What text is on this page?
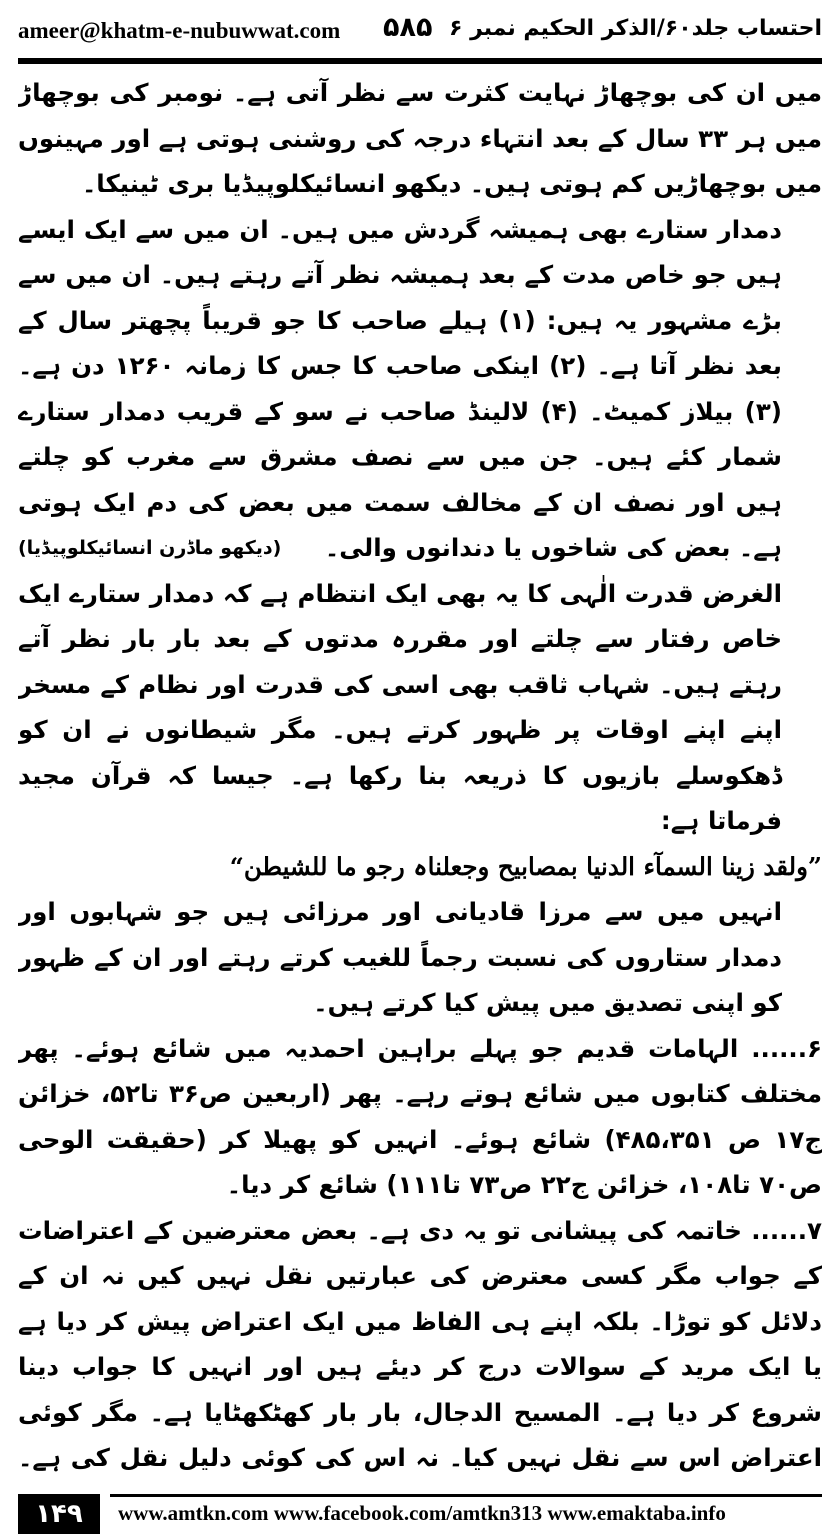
ameer@khatm-e-nubuwwat.com ۵۸۵ احتساب جلد۶۰/الذکر الحکیم نمبر ۶

میں ان کی بوچھاڑ نہایت کثرت سے نظر آتی ہے۔ نومبر کی بوچھاڑ میں ہر ۳۳ سال کے بعد انتہاء درجہ کی روشنی ہوتی ہے اور مہینوں میں بوچھاڑیں کم ہوتی ہیں۔ دیکھو انسائیکلوپیڈیا بری ٹینیکا۔

دمدار ستارے بھی ہمیشہ گردش میں ہیں۔ ان میں سے ایک ایسے ہیں جو خاص مدت کے بعد ہمیشہ نظر آتے رہتے ہیں۔ ان میں سے بڑے مشہور یہ ہیں: (۱) ہیلے صاحب کا جو قریباً پچھتر سال کے بعد نظر آتا ہے۔ (۲) اینکی صاحب کا جس کا زمانہ ۱۲۶۰ دن ہے۔ (۳) بیلاز کمیٹ۔ (۴) لالینڈ صاحب نے سو کے قریب دمدار ستارے شمار کئے ہیں۔ جن میں سے نصف مشرق سے مغرب کو چلتے ہیں اور نصف ان کے مخالف سمت میں بعض کی دم ایک ہوتی ہے۔ بعض کی شاخوں یا دندانوں والی۔

(دیکھو ماڈرن انسائیکلوپیڈیا)

الغرض قدرت الٰہی کا یہ بھی ایک انتظام ہے کہ دمدار ستارے ایک خاص رفتار سے چلتے اور مقررہ مدتوں کے بعد بار بار نظر آتے رہتے ہیں۔ شہاب ثاقب بھی اسی کی قدرت اور نظام کے مسخر اپنے اپنے اوقات پر ظہور کرتے ہیں۔ مگر شیطانوں نے ان کو ڈھکوسلے بازیوں کا ذریعہ بنا رکھا ہے۔ جیسا کہ قرآن مجید فرماتا ہے:

”ولقد زینا السمآء الدنیا بمصابیح وجعلناہ رجو ما للشیطن“

انہیں میں سے مرزا قادیانی اور مرزائی ہیں جو شہابوں اور دمدار ستاروں کی نسبت رجماً للغیب کرتے رہتے اور ان کے ظہور کو اپنی تصدیق میں پیش کیا کرتے ہیں۔

۶...... الہامات قدیم جو پہلے براہین احمدیہ میں شائع ہوئے۔ پھر مختلف کتابوں میں شائع ہوتے رہے۔ پھر (اربعین ص۳۶ تا۵۲، خزائن ج۱۷ ص ۴۸۵،۳۵۱) شائع ہوئے۔ انہیں کو پھیلا کر (حقیقت الوحی ص۷۰ تا۱۰۸، خزائن ج۲۲ ص۷۳ تا۱۱۱) شائع کر دیا۔

۷...... خاتمہ کی پیشانی تو یہ دی ہے۔ بعض معترضین کے اعتراضات کے جواب مگر کسی معترض کی عبارتیں نقل نہیں کیں نہ ان کے دلائل کو توڑا۔ بلکہ اپنے ہی الفاظ میں ایک اعتراض پیش کر دیا ہے یا ایک مرید کے سوالات درج کر دیئے ہیں اور انہیں کا جواب دینا شروع کر دیا ہے۔ المسیح الدجال، بار بار کھٹکھٹایا ہے۔ مگر کوئی اعتراض اس سے نقل نہیں کیا۔ نہ اس کی کوئی دلیل نقل کی ہے۔

۱۴۹	www.amtkn.com www.facebook.com/amtkn313 www.emaktaba.info
